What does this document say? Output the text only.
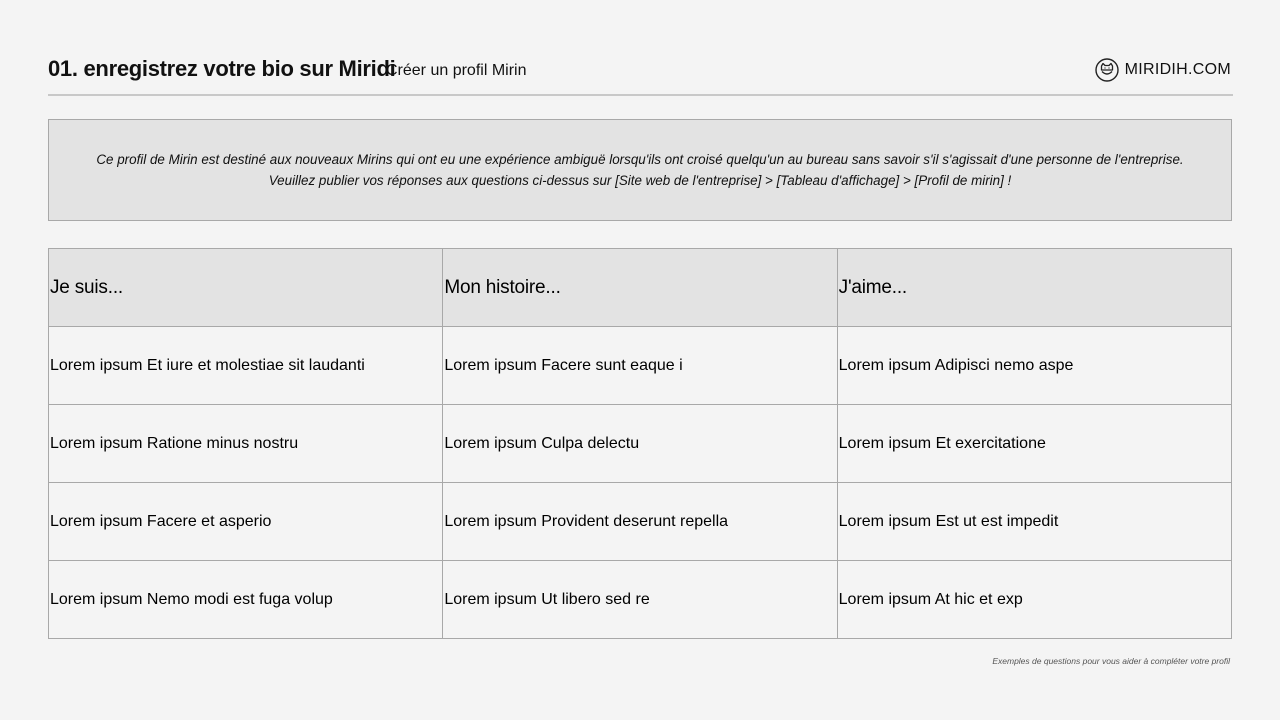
01. enregistrez votre bio sur Miridi
Créer un profil Mirin	MIRIDIH.COM
Ce profil de Mirin est destiné aux nouveaux Mirins qui ont eu une expérience ambiguë lorsqu'ils ont croisé quelqu'un au bureau sans savoir s'il s'agissait d'une personne de l'entreprise.
Veuillez publier vos réponses aux questions ci-dessus sur [Site web de l'entreprise] > [Tableau d'affichage] > [Profil de mirin] !
Je suis...	Mon histoire...	J'aime...
Lorem ipsum Et iure et molestiae sit laudanti	Lorem ipsum Facere sunt eaque i	Lorem ipsum Adipisci nemo aspe
Lorem ipsum Ratione minus nostru	Lorem ipsum Culpa delectu	Lorem ipsum Et exercitatione
Lorem ipsum Facere et asperio	Lorem ipsum Provident deserunt repella	Lorem ipsum Est ut est impedit
Lorem ipsum Nemo modi est fuga volup	Lorem ipsum Ut libero sed re	Lorem ipsum At hic et exp
Exemples de questions pour vous aider à compléter votre profil
